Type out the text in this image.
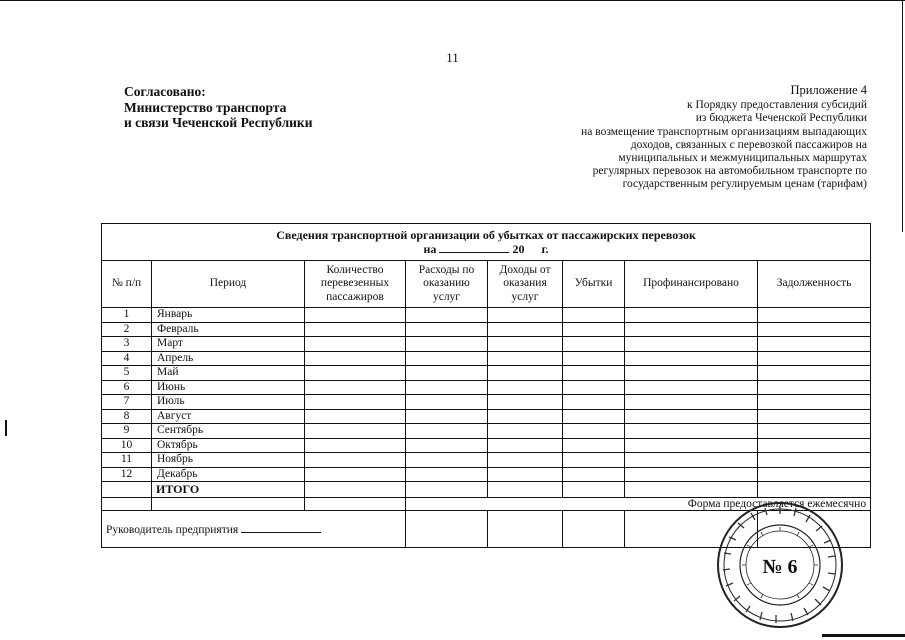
11
Согласовано:
Министерство транспорта
и связи Чеченской Республики
Приложение 4
к Порядку предоставления субсидий
из бюджета Чеченской Республики
на возмещение транспортным организациям выпадающих
доходов, связанных с перевозкой пассажиров на
муниципальных и межмуниципальных маршрутах
регулярных перевозок на автомобильном транспорте по
государственным регулируемым ценам (тарифам)
Сведения транспортной организации об убытках от пассажирских перевозок
на 20 г.							

№ п/п	Период	Количество перевезенных пассажиров	Расходы по оказанию услуг	Доходы от оказания услуг	Убытки	Профинансировано	Задолженность
1	Январь						
2	Февраль						
3	Март						
4	Апрель						
5	Май						
6	Июнь						
7	Июль						
8	Август						
9	Сентябрь						
10	Октябрь						
11	Ноябрь						
12	Декабрь						
	ИТОГО						
			Форма предоставляется ежемесячно				
Руководитель предприятия							
№ 6
